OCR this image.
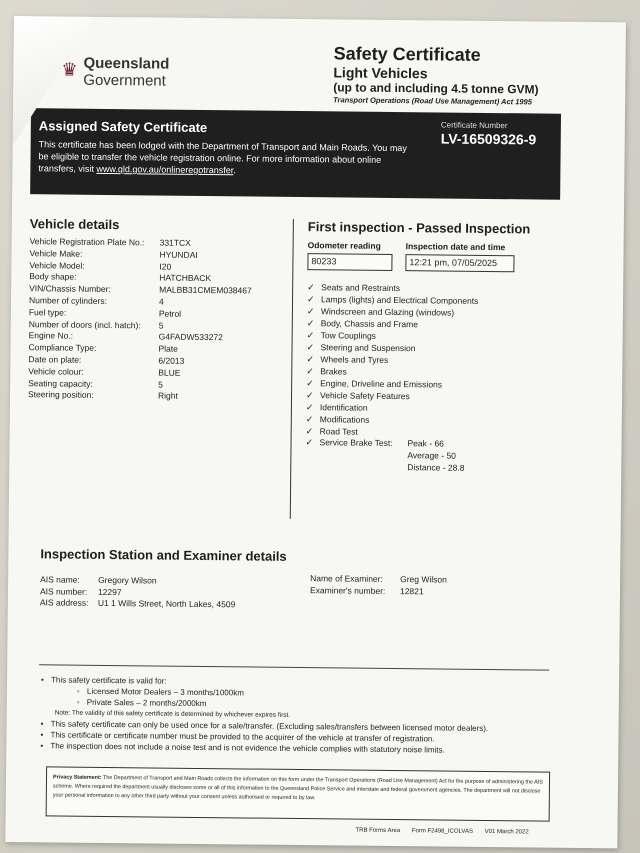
♛ Queensland
Government
Safety Certificate
Light Vehicles
(up to and including 4.5 tonne GVM)
Transport Operations (Road Use Management) Act 1995
Assigned Safety Certificate
This certificate has been lodged with the Department of Transport and Main Roads. You may be eligible to transfer the vehicle registration online. For more information about online transfers, visit www.qld.gov.au/onlineregotransfer.
Certificate Number
LV-16509326-9
Vehicle details
Vehicle Registration Plate No.:	331TCX
Vehicle Make:	HYUNDAI
Vehicle Model:	I20
Body shape:	HATCHBACK
VIN/Chassis Number:	MALBB31CMEM038467
Number of cylinders:	4
Fuel type:	Petrol
Number of doors (incl. hatch):	5
Engine No.:	G4FADW533272
Compliance Type:	Plate
Date on plate:	6/2013
Vehicle colour:	BLUE
Seating capacity:	5
Steering position:	Right
First inspection - Passed Inspection
Odometer reading
80233
Inspection date and time
12:21 pm, 07/05/2025
✓ Seats and Restraints
✓ Lamps (lights) and Electrical Components
✓ Windscreen and Glazing (windows)
✓ Body, Chassis and Frame
✓ Tow Couplings
✓ Steering and Suspension
✓ Wheels and Tyres
✓ Brakes
✓ Engine, Driveline and Emissions
✓ Vehicle Safety Features
✓ Identification
✓ Modifications
✓ Road Test
Service Brake Test: Peak - 66
Average - 50
Distance - 28.8
✓
Inspection Station and Examiner details
AIS name:	Gregory Wilson
AIS number:	12297
AIS address:	U1 1 Wills Street, North Lakes, 4509
Name of Examiner:	Greg Wilson
Examiner's number:	12821
• This safety certificate is valid for:
◦ Licensed Motor Dealers – 3 months/1000km
◦ Private Sales – 2 months/2000km
Note: The validity of this safety certificate is determined by whichever expires first.
• This safety certificate can only be used once for a sale/transfer. (Excluding sales/transfers between licensed motor dealers).
• This certificate or certificate number must be provided to the acquirer of the vehicle at transfer of registration.
• The inspection does not include a noise test and is not evidence the vehicle complies with statutory noise limits.
Privacy Statement: The Department of Transport and Main Roads collects the information on this form under the Transport Operations (Road Use Management) Act for the purpose of administering the AIS scheme. Where required the department usually discloses some or all of this information to the Queensland Police Service and interstate and federal government agencies. The department will not disclose your personal information to any other third party without your consent unless authorised or required to by law.
TRB Forms Area Form F2498_ICOLVAS V01 March 2022
